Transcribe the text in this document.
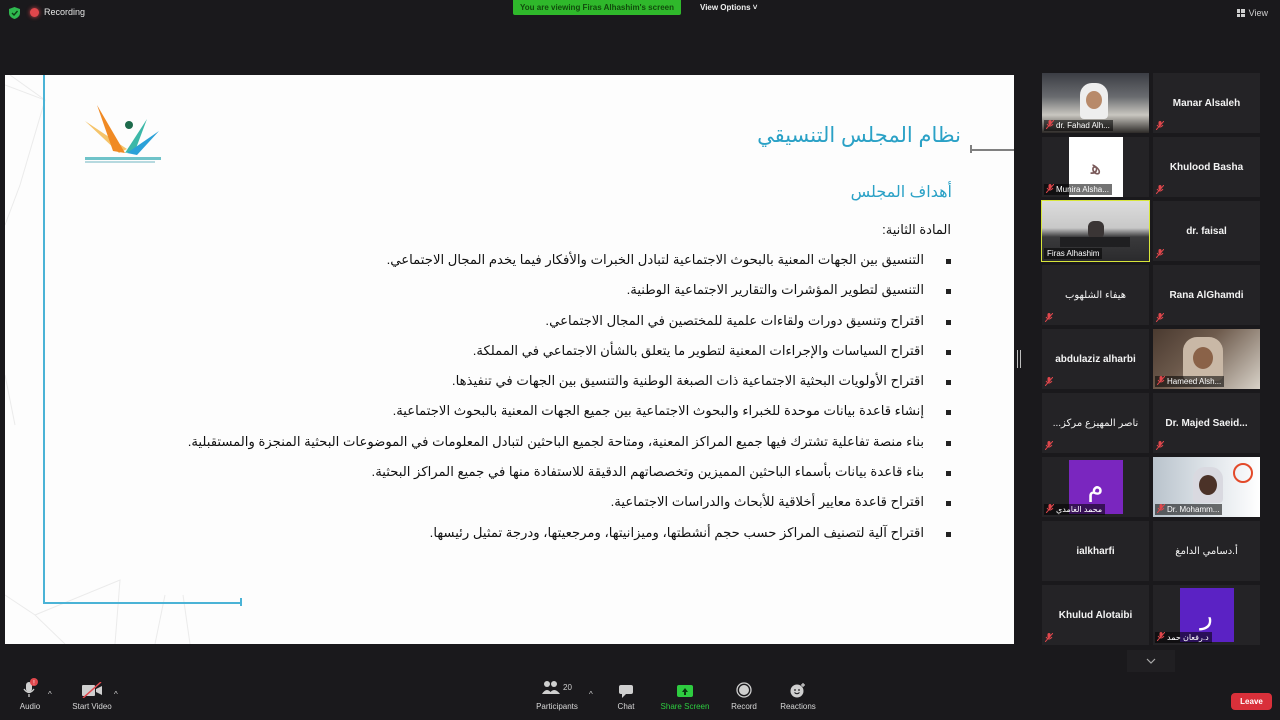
Recording	You are viewing Firas Alhashim's screen	View Options ˅
View
نظام المجلس التنسيقي
أهداف المجلس
المادة الثانية:
التنسيق بين الجهات المعنية بالبحوث الاجتماعية لتبادل الخبرات والأفكار فيما يخدم المجال الاجتماعي.
التنسيق لتطوير المؤشرات والتقارير الاجتماعية الوطنية.
اقتراح وتنسيق دورات ولقاءات علمية للمختصين في المجال الاجتماعي.
اقتراح السياسات والإجراءات المعنية لتطوير ما يتعلق بالشأن الاجتماعي في المملكة.
اقتراح الأولويات البحثية الاجتماعية ذات الصبغة الوطنية والتنسيق بين الجهات في تنفيذها.
إنشاء قاعدة بيانات موحدة للخبراء والبحوث الاجتماعية بين جميع الجهات المعنية بالبحوث الاجتماعية.
بناء منصة تفاعلية تشترك فيها جميع المراكز المعنية، ومتاحة لجميع الباحثين لتبادل المعلومات في الموضوعات البحثية المنجزة والمستقبلية.
بناء قاعدة بيانات بأسماء الباحثين المميزين وتخصصاتهم الدقيقة للاستفادة منها في جميع المراكز البحثية.
اقتراح قاعدة معايير أخلاقية للأبحاث والدراسات الاجتماعية.
اقتراح آلية لتصنيف المراكز حسب حجم أنشطتها، وميزانيتها، ومرجعيتها، ودرجة تمثيل رئيسها.
dr. Fahad Alh...
Manar Alsaleh
ﻫ
Munira Alsha...
Khulood Basha
Firas Alhashim
dr. faisal
هيفاء الشلهوب	Rana AlGhamdi
abdulaziz alharbi
Hameed Alsh...
...ناصر المهيزع مركز	Dr. Majed Saeid...
م
محمد الغامدي	Dr. Mohamm...
ialkharfi	أ.دسامي الدامغ
Khulud Alotaibi	ر
د.رفعان حمد
!
Audio
^
Start Video
^
20
Participants
^
Chat	Share Screen	Record	Reactions
Leave
